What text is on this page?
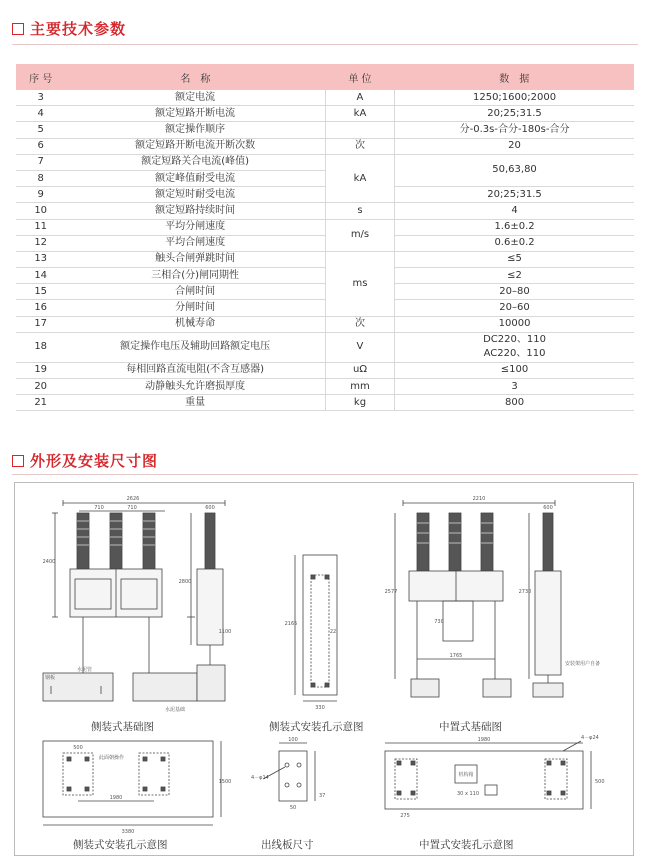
主要技术参数
序 号	名　称	单 位	数　据
3	额定电流	A	1250;1600;2000
4	额定短路开断电流	kA	20;25;31.5
5	额定操作顺序		分-0.3s-合分-180s-合分
6	额定短路开断电流开断次数	次	20
7	额定短路关合电流(峰值)	kA	50,63,80
8	额定峰值耐受电流		
9	额定短时耐受电流		20;25;31.5
10	额定短路持续时间	s	4
11	平均分闸速度	m/s	1.6±0.2
12	平均合闸速度		0.6±0.2
13	触头合闸弹跳时间	ms	≤5
14	三相合(分)闸同期性		≤2
15	合闸时间		20–80
16	分闸时间		20–60
17	机械寿命	次	10000
18	额定操作电压及辅助回路额定电压	V	DC220、110
AC220、110

19	每相回路直流电阻(不含互感器)	uΩ	≤100
20	动静触头允许磨损厚度	mm	3
21	重量	kg	800
外形及安装尺寸图
2626
710	710	600
2400
2800
1100
水泥管
钢板
水泥基础
2165
22
330
2210
600
2577	2730
730
1765
安装架用户自备
3380
1500
1980
500
此面朝操作
100
50
37
4－φ14
1980	4－φ24
机构箱
30 x 110
275
500
侧装式基础图	侧装式安装孔示意图	中置式基础图
侧装式安装孔示意图	出线板尺寸	中置式安装孔示意图
